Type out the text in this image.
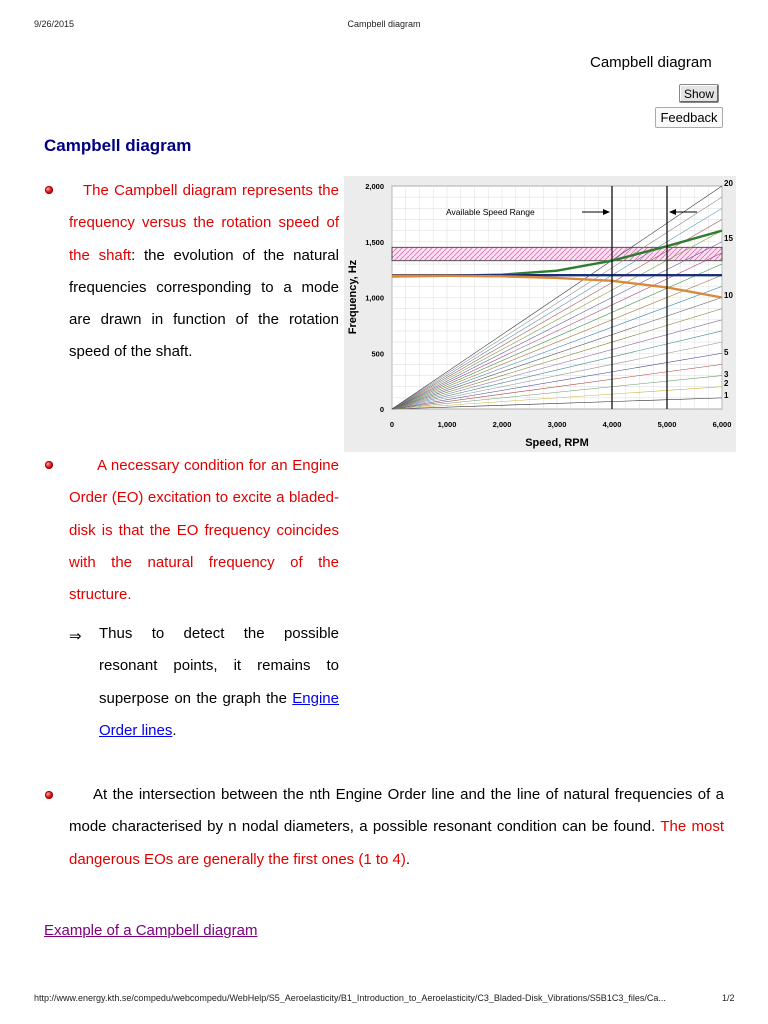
9/26/2015	Campbell diagram
Campbell diagram
Show
Feedback
Campbell diagram

The Campbell diagram represents the frequency versus the rotation speed of the shaft: the evolution of the natural frequencies corresponding to a mode are drawn in function of the rotation speed of the shaft.

Available Speed Range
0	1,000	2,000	3,000	4,000	5,000	6,000
0
500
1,000
1,500
2,000
1
2
3
5
10
15
20
Speed, RPM
Frequency, Hz

A necessary condition for an Engine Order (EO) excitation to excite a bladed-disk is that the EO frequency coincides with the natural frequency of the structure.

⇒ Thus to detect the possible resonant points, it remains to superpose on the graph the Engine Order lines.

At the intersection between the nth Engine Order line and the line of natural frequencies of a mode characterised by n nodal diameters, a possible resonant condition can be found. The most dangerous EOs are generally the first ones (1 to 4).

Example of a Campbell diagram
http://www.energy.kth.se/compedu/webcompedu/WebHelp/S5_Aeroelasticity/B1_Introduction_to_Aeroelasticity/C3_Bladed-Disk_Vibrations/S5B1C3_files/Ca...	1/2
